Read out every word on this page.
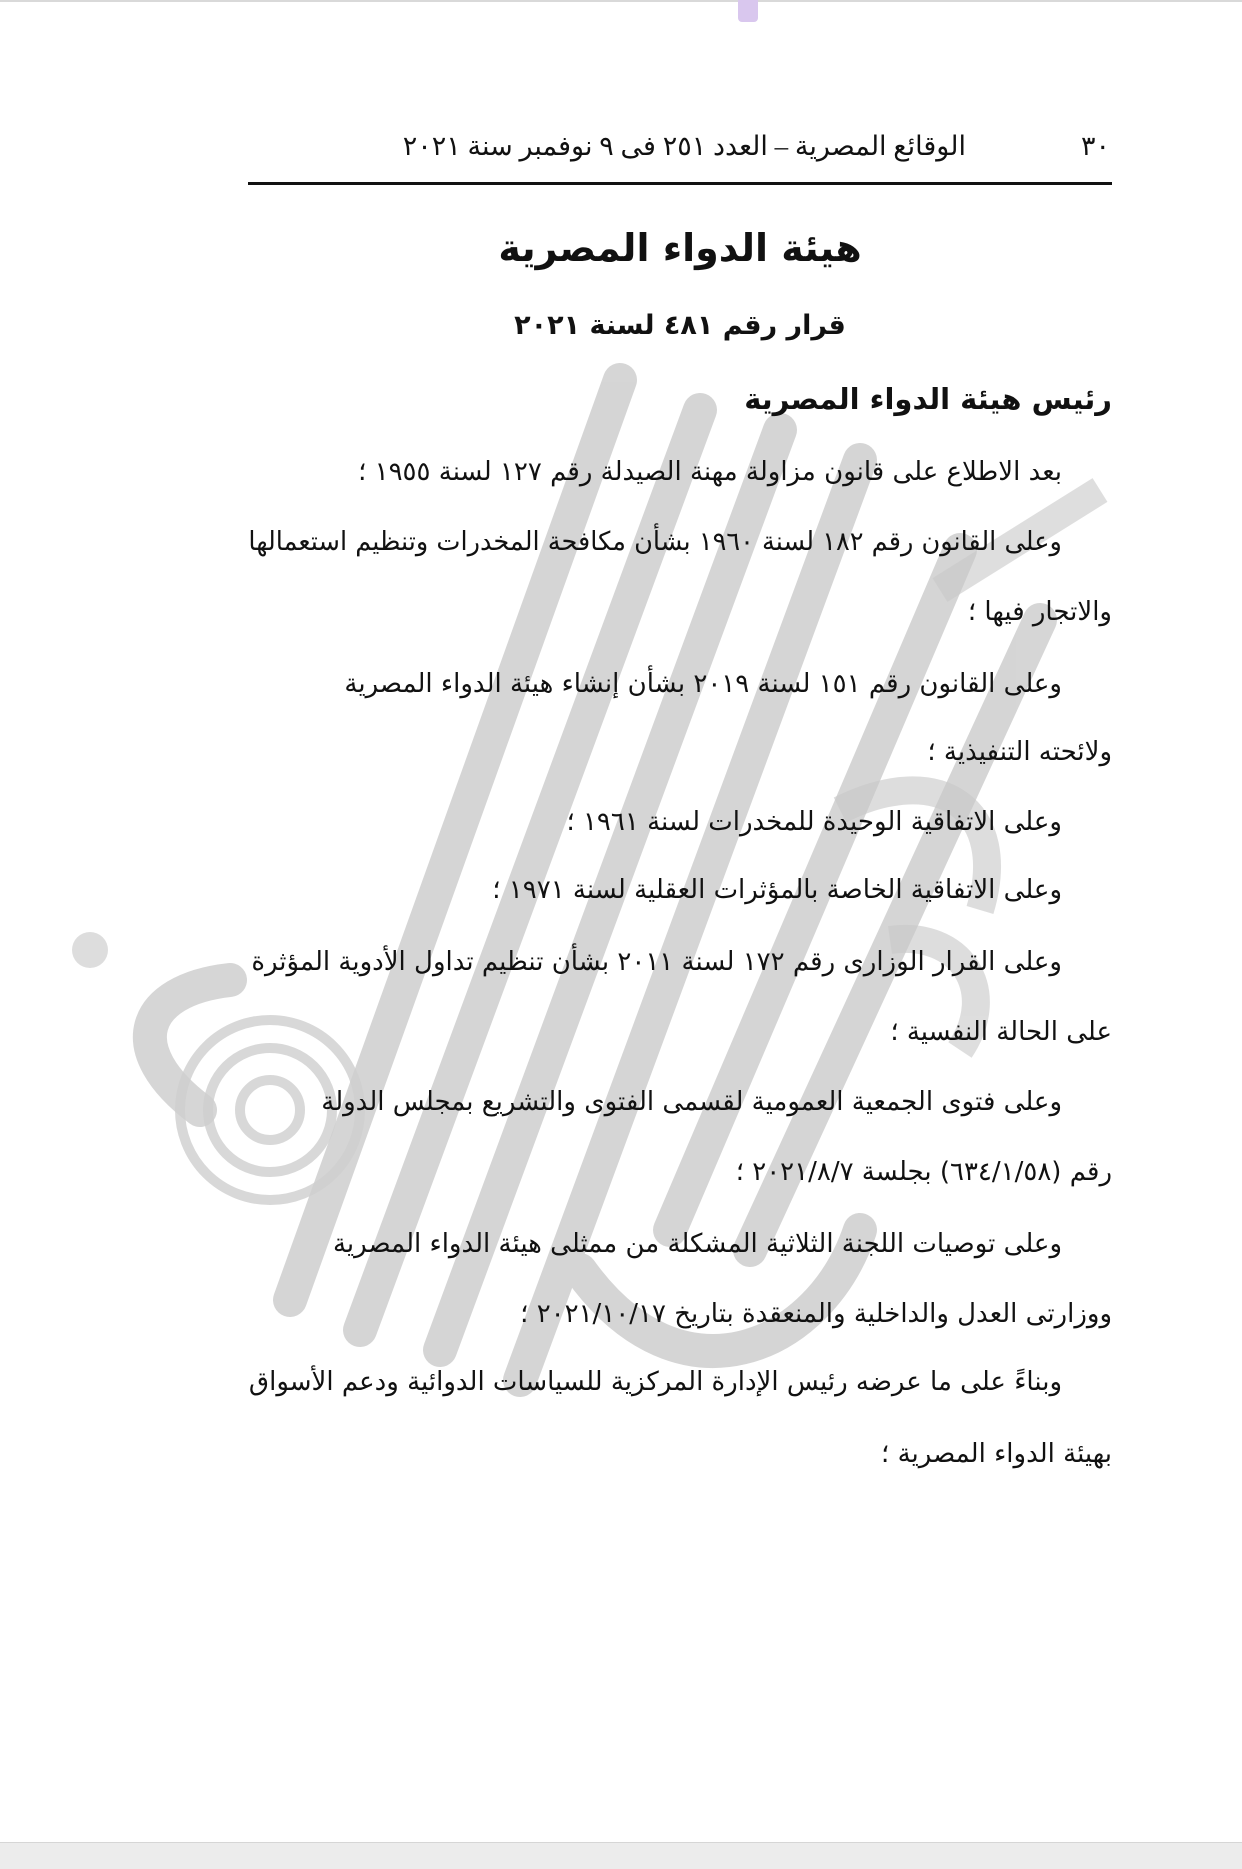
٣٠
الوقائع المصرية – العدد ٢٥١ فى ٩ نوفمبر سنة ٢٠٢١
هيئة الدواء المصرية
قرار رقم ٤٨١ لسنة ٢٠٢١
رئيس هيئة الدواء المصرية
بعد الاطلاع على قانون مزاولة مهنة الصيدلة رقم ١٢٧ لسنة ١٩٥٥ ؛
وعلى القانون رقم ١٨٢ لسنة ١٩٦٠ بشأن مكافحة المخدرات وتنظيم استعمالها
والاتجار فيها ؛
وعلى القانون رقم ١٥١ لسنة ٢٠١٩ بشأن إنشاء هيئة الدواء المصرية
ولائحته التنفيذية ؛
وعلى الاتفاقية الوحيدة للمخدرات لسنة ١٩٦١ ؛
وعلى الاتفاقية الخاصة بالمؤثرات العقلية لسنة ١٩٧١ ؛
وعلى القرار الوزارى رقم ١٧٢ لسنة ٢٠١١ بشأن تنظيم تداول الأدوية المؤثرة
على الحالة النفسية ؛
وعلى فتوى الجمعية العمومية لقسمى الفتوى والتشريع بمجلس الدولة
رقم (٦٣٤/١/٥٨) بجلسة ٢٠٢١/٨/٧ ؛
وعلى توصيات اللجنة الثلاثية المشكلة من ممثلى هيئة الدواء المصرية
ووزارتى العدل والداخلية والمنعقدة بتاريخ ٢٠٢١/١٠/١٧ ؛
وبناءً على ما عرضه رئيس الإدارة المركزية للسياسات الدوائية ودعم الأسواق
بهيئة الدواء المصرية ؛
